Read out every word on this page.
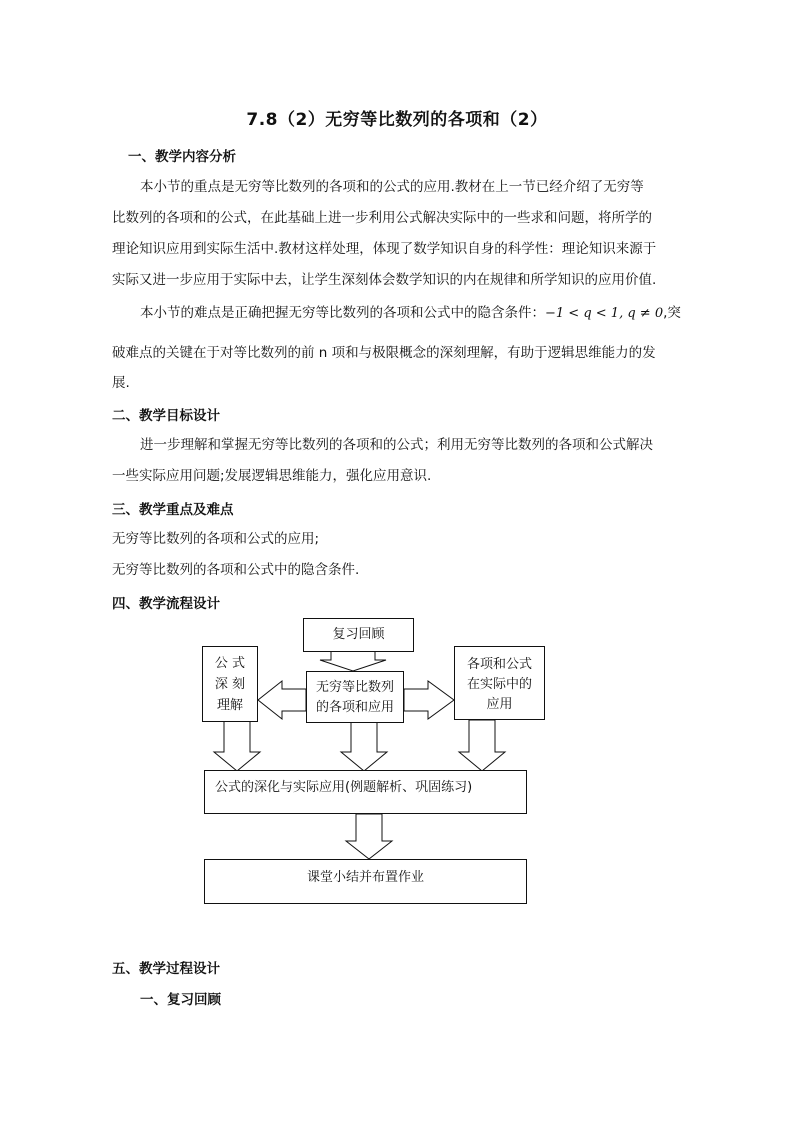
7.8（2）无穷等比数列的各项和（2）
一、教学内容分析
本小节的重点是无穷等比数列的各项和的公式的应用.教材在上一节已经介绍了无穷等
比数列的各项和的公式，在此基础上进一步利用公式解决实际中的一些求和问题，将所学的
理论知识应用到实际生活中.教材这样处理，体现了数学知识自身的科学性：理论知识来源于
实际又进一步应用于实际中去，让学生深刻体会数学知识的内在规律和所学知识的应用价值.
本小节的难点是正确把握无穷等比数列的各项和公式中的隐含条件：−1 < q < 1, q ≠ 0,突
破难点的关键在于对等比数列的前 n 项和与极限概念的深刻理解，有助于逻辑思维能力的发
展.
二、教学目标设计
进一步理解和掌握无穷等比数列的各项和的公式；利用无穷等比数列的各项和公式解决
一些实际应用问题;发展逻辑思维能力，强化应用意识.
三、教学重点及难点
无穷等比数列的各项和公式的应用;
无穷等比数列的各项和公式中的隐含条件.
四、教学流程设计
复习回顾
公 式
深 刻
理解
无穷等比数列
的各项和应用
各项和公式
在实际中的
应用
公式的深化与实际应用(例题解析、巩固练习)
课堂小结并布置作业
五、教学过程设计
一、复习回顾
